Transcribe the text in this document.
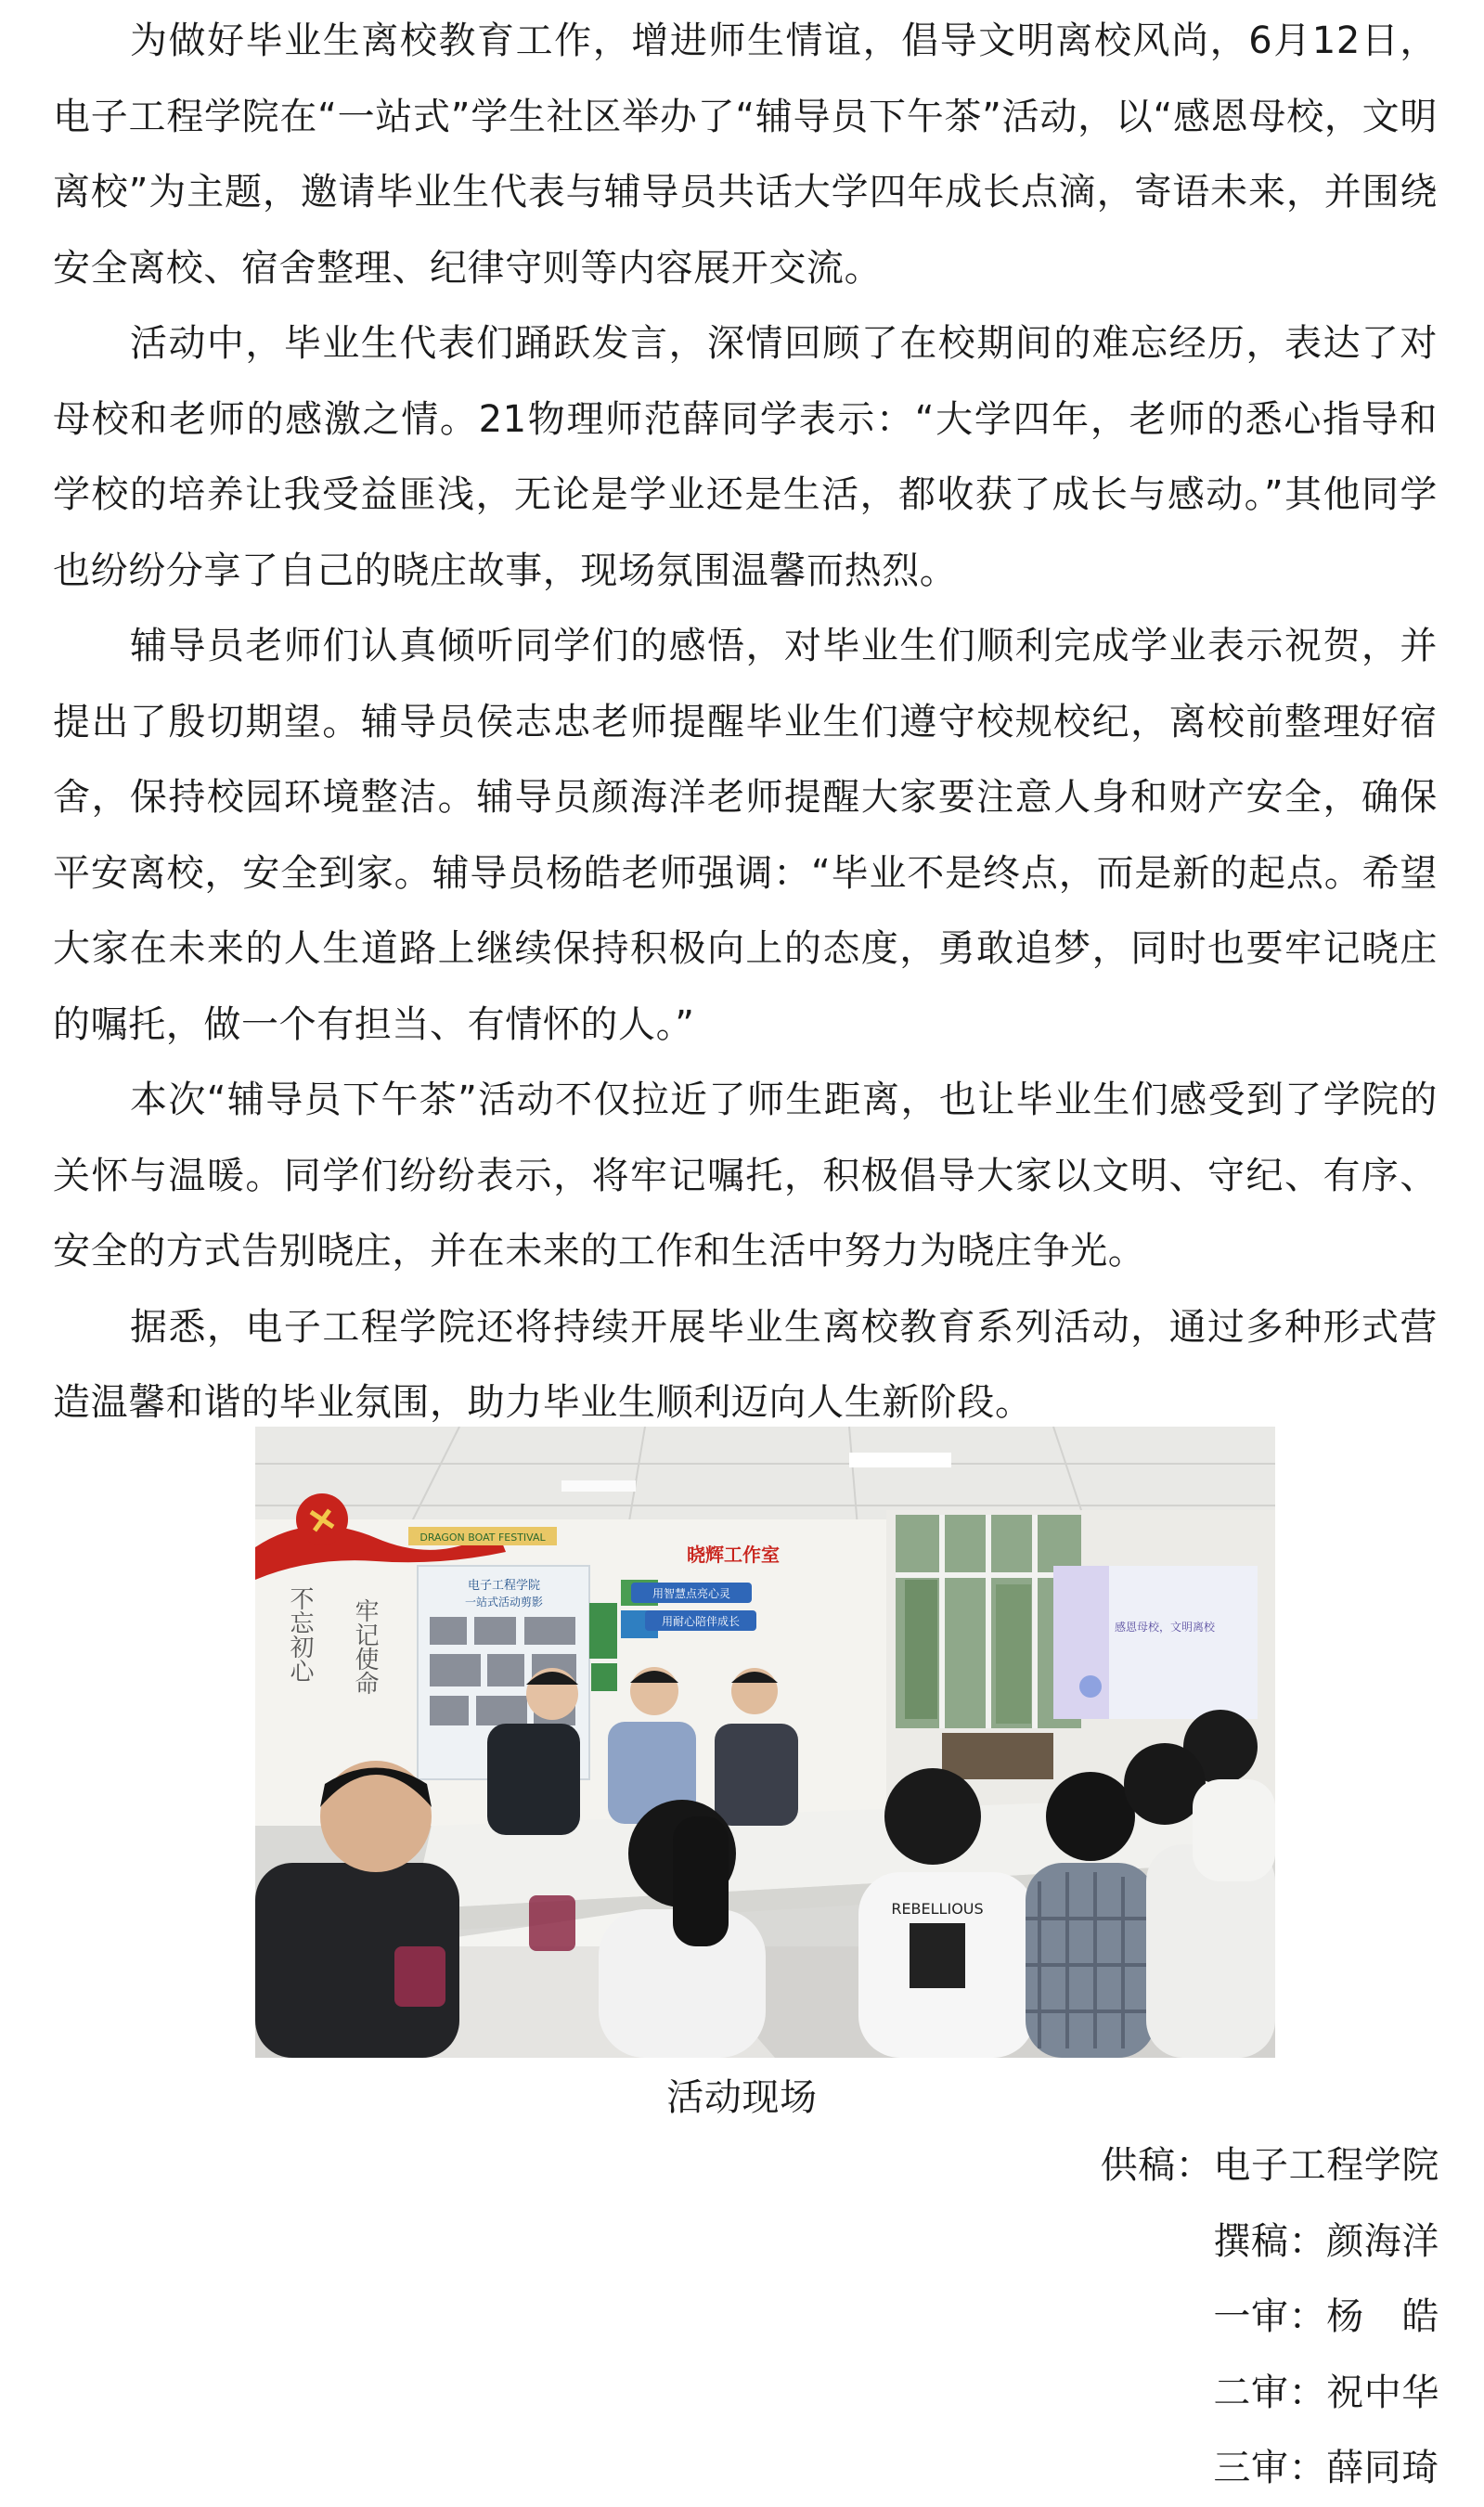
为做好毕业生离校教育工作，增进师生情谊，倡导文明离校风尚，6月12日，电子工程学院在“一站式”学生社区举办了“辅导员下午茶”活动，以“感恩母校，文明离校”为主题，邀请毕业生代表与辅导员共话大学四年成长点滴，寄语未来，并围绕安全离校、宿舍整理、纪律守则等内容展开交流。

活动中，毕业生代表们踊跃发言，深情回顾了在校期间的难忘经历，表达了对母校和老师的感激之情。21物理师范薛同学表示：“大学四年，老师的悉心指导和学校的培养让我受益匪浅，无论是学业还是生活，都收获了成长与感动。”其他同学也纷纷分享了自己的晓庄故事，现场氛围温馨而热烈。

辅导员老师们认真倾听同学们的感悟，对毕业生们顺利完成学业表示祝贺，并提出了殷切期望。辅导员侯志忠老师提醒毕业生们遵守校规校纪，离校前整理好宿舍，保持校园环境整洁。辅导员颜海洋老师提醒大家要注意人身和财产安全，确保平安离校，安全到家。辅导员杨皓老师强调：“毕业不是终点，而是新的起点。希望大家在未来的人生道路上继续保持积极向上的态度，勇敢追梦，同时也要牢记晓庄的嘱托，做一个有担当、有情怀的人。”

本次“辅导员下午茶”活动不仅拉近了师生距离，也让毕业生们感受到了学院的关怀与温暖。同学们纷纷表示，将牢记嘱托，积极倡导大家以文明、守纪、有序、安全的方式告别晓庄，并在未来的工作和生活中努力为晓庄争光。

据悉，电子工程学院还将持续开展毕业生离校教育系列活动，通过多种形式营造温馨和谐的毕业氛围，助力毕业生顺利迈向人生新阶段。

DRAGON BOAT FESTIVAL
不忘初心 牢记使命
电子工程学院
一站式活动剪影
晓辉工作室
用智慧点亮心灵
用耐心陪伴成长	感恩母校，文明离校
REBELLIOUS
活动现场
供稿：电子工程学院
撰稿：颜海洋
一审：杨　皓
二审：祝中华
三审：薛同琦
